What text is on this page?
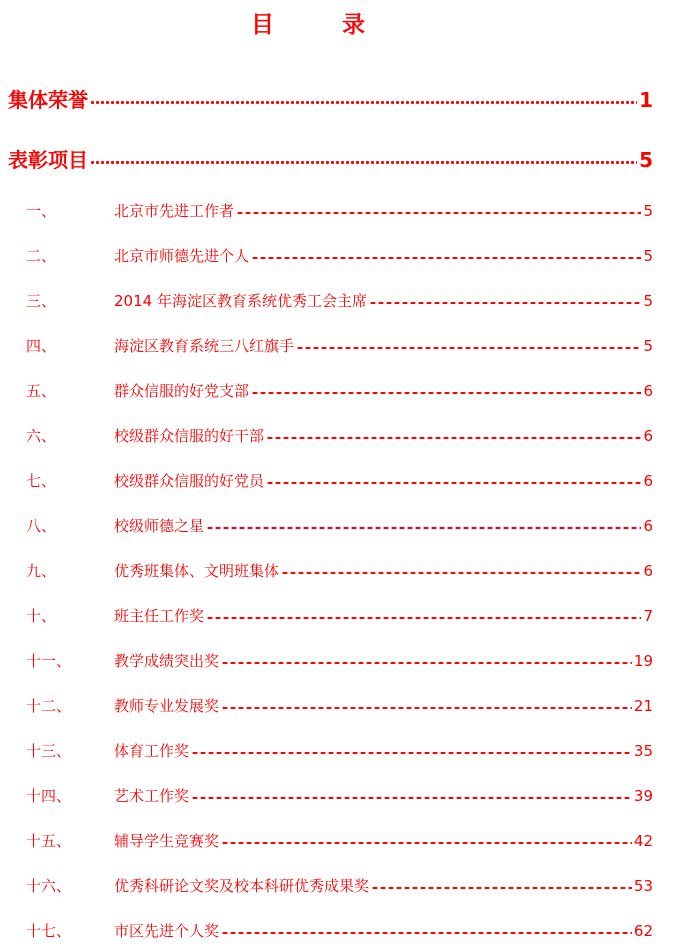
目 录
集体荣誉	1
表彰项目	5
一、	北京市先进工作者	5
二、	北京市师德先进个人	5
三、	2014 年海淀区教育系统优秀工会主席	5
四、	海淀区教育系统三八红旗手	5
五、	群众信服的好党支部	6
六、	校级群众信服的好干部	6
七、	校级群众信服的好党员	6
八、	校级师德之星	6
九、	优秀班集体、文明班集体	6
十、	班主任工作奖	7
十一、	教学成绩突出奖	19
十二、	教师专业发展奖	21
十三、	体育工作奖	35
十四、	艺术工作奖	39
十五、	辅导学生竞赛奖	42
十六、	优秀科研论文奖及校本科研优秀成果奖	53
十七、	市区先进个人奖	62
